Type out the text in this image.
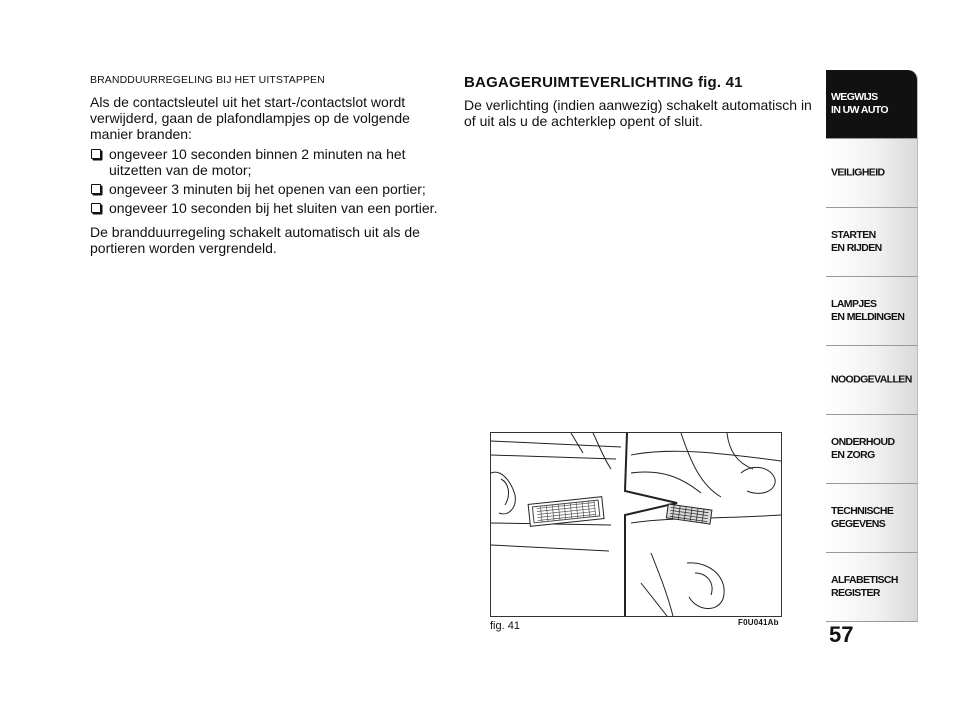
BRANDDUURREGELING BIJ HET UITSTAPPEN

Als de contactsleutel uit het start-/contactslot wordt verwijderd, gaan de plafondlampjes op de volgende manier branden:

ongeveer 10 seconden binnen 2 minuten na het uitzetten van de motor;
ongeveer 3 minuten bij het openen van een portier;
ongeveer 10 seconden bij het sluiten van een portier.

De brandduurregeling schakelt automatisch uit als de portieren worden vergrendeld.

BAGAGERUIMTEVERLICHTING fig. 41

De verlichting (indien aanwezig) schakelt automatisch in of uit als u de achterklep opent of sluit.

fig. 41	F0U041Ab
WEGWIJS
IN UW AUTO
VEILIGHEID
STARTEN
EN RIJDEN
LAMPJES
EN MELDINGEN
NOODGEVALLEN
ONDERHOUD
EN ZORG
TECHNISCHE
GEGEVENS
ALFABETISCH
REGISTER
57
